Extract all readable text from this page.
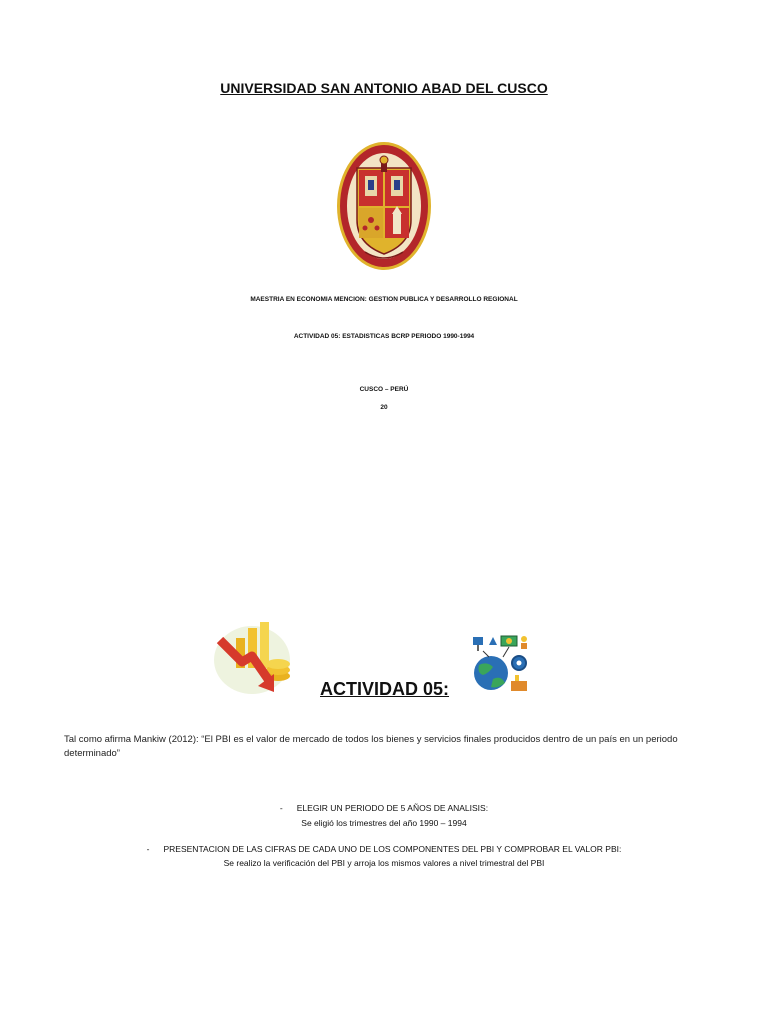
UNIVERSIDAD SAN ANTONIO ABAD DEL CUSCO
MAESTRIA EN ECONOMIA MENCION: GESTION PUBLICA Y DESARROLLO REGIONAL
ACTIVIDAD 05: ESTADISTICAS BCRP PERIODO 1990-1994
CUSCO – PERÚ
20
ACTIVIDAD 05:
Tal como afirma Mankiw (2012): “El PBI es el valor de mercado de todos los bienes y servicios finales producidos dentro de un país en un periodo determinado”
- ELEGIR UN PERIODO DE 5 AÑOS DE ANALISIS:
Se eligió los trimestres del año 1990 – 1994
- PRESENTACION DE LAS CIFRAS DE CADA UNO DE LOS COMPONENTES DEL PBI Y COMPROBAR EL VALOR PBI:
Se realizo la verificación del PBI y arroja los mismos valores a nivel trimestral del PBI
